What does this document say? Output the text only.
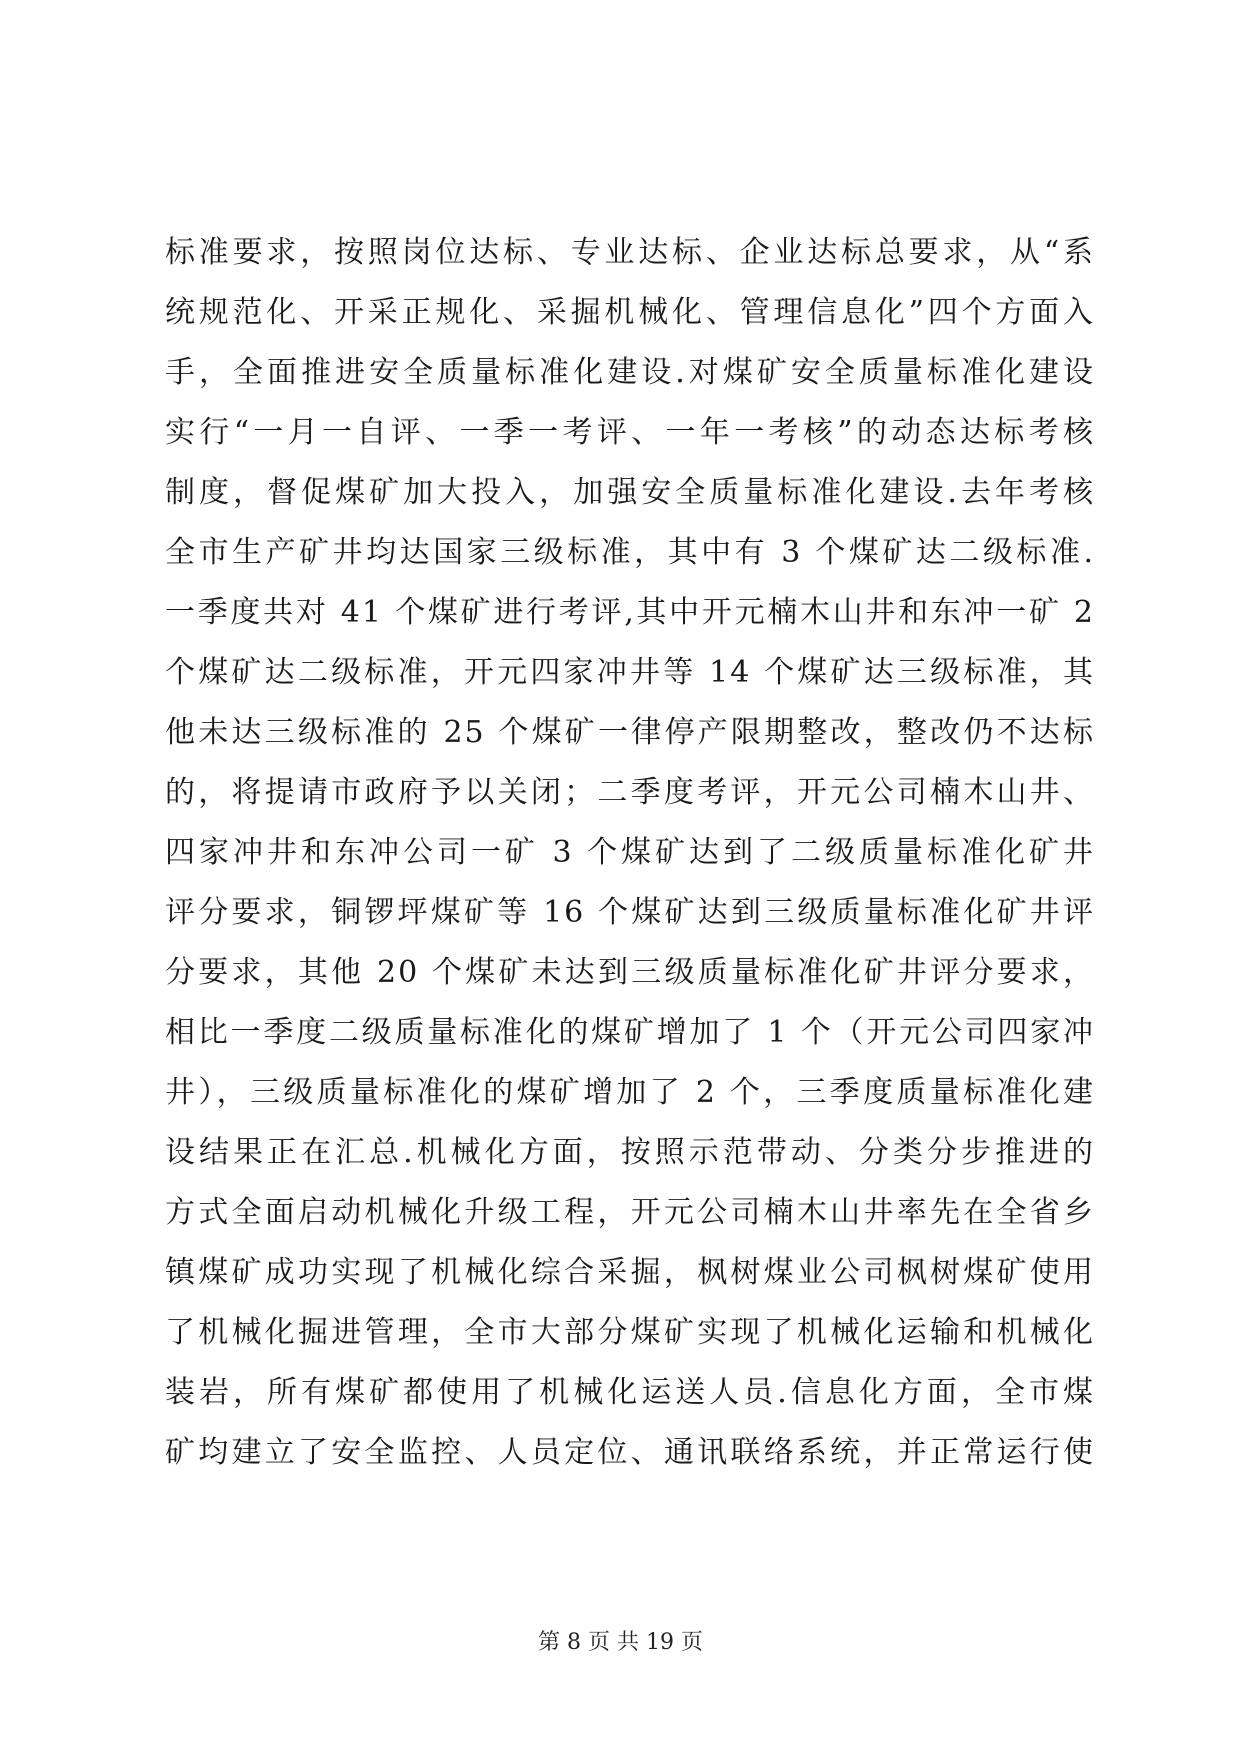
标准要求，按照岗位达标、专业达标、企业达标总要求，从“系
统规范化、开采正规化、采掘机械化、管理信息化”四个方面入
手，全面推进安全质量标准化建设.对煤矿安全质量标准化建设
实行“一月一自评、一季一考评、一年一考核”的动态达标考核
制度，督促煤矿加大投入，加强安全质量标准化建设.去年考核
全市生产矿井均达国家三级标准，其中有 3 个煤矿达二级标准.
一季度共对 41 个煤矿进行考评,其中开元楠木山井和东冲一矿 2
个煤矿达二级标准，开元四家冲井等 14 个煤矿达三级标准，其
他未达三级标准的 25 个煤矿一律停产限期整改，整改仍不达标
的，将提请市政府予以关闭；二季度考评，开元公司楠木山井、
四家冲井和东冲公司一矿 3 个煤矿达到了二级质量标准化矿井
评分要求，铜锣坪煤矿等 16 个煤矿达到三级质量标准化矿井评
分要求，其他 20 个煤矿未达到三级质量标准化矿井评分要求，
相比一季度二级质量标准化的煤矿增加了 1 个（开元公司四家冲
井），三级质量标准化的煤矿增加了 2 个，三季度质量标准化建
设结果正在汇总.机械化方面，按照示范带动、分类分步推进的
方式全面启动机械化升级工程，开元公司楠木山井率先在全省乡
镇煤矿成功实现了机械化综合采掘，枫树煤业公司枫树煤矿使用
了机械化掘进管理，全市大部分煤矿实现了机械化运输和机械化
装岩，所有煤矿都使用了机械化运送人员.信息化方面，全市煤
矿均建立了安全监控、人员定位、通讯联络系统，并正常运行使
第 8 页 共 19 页
